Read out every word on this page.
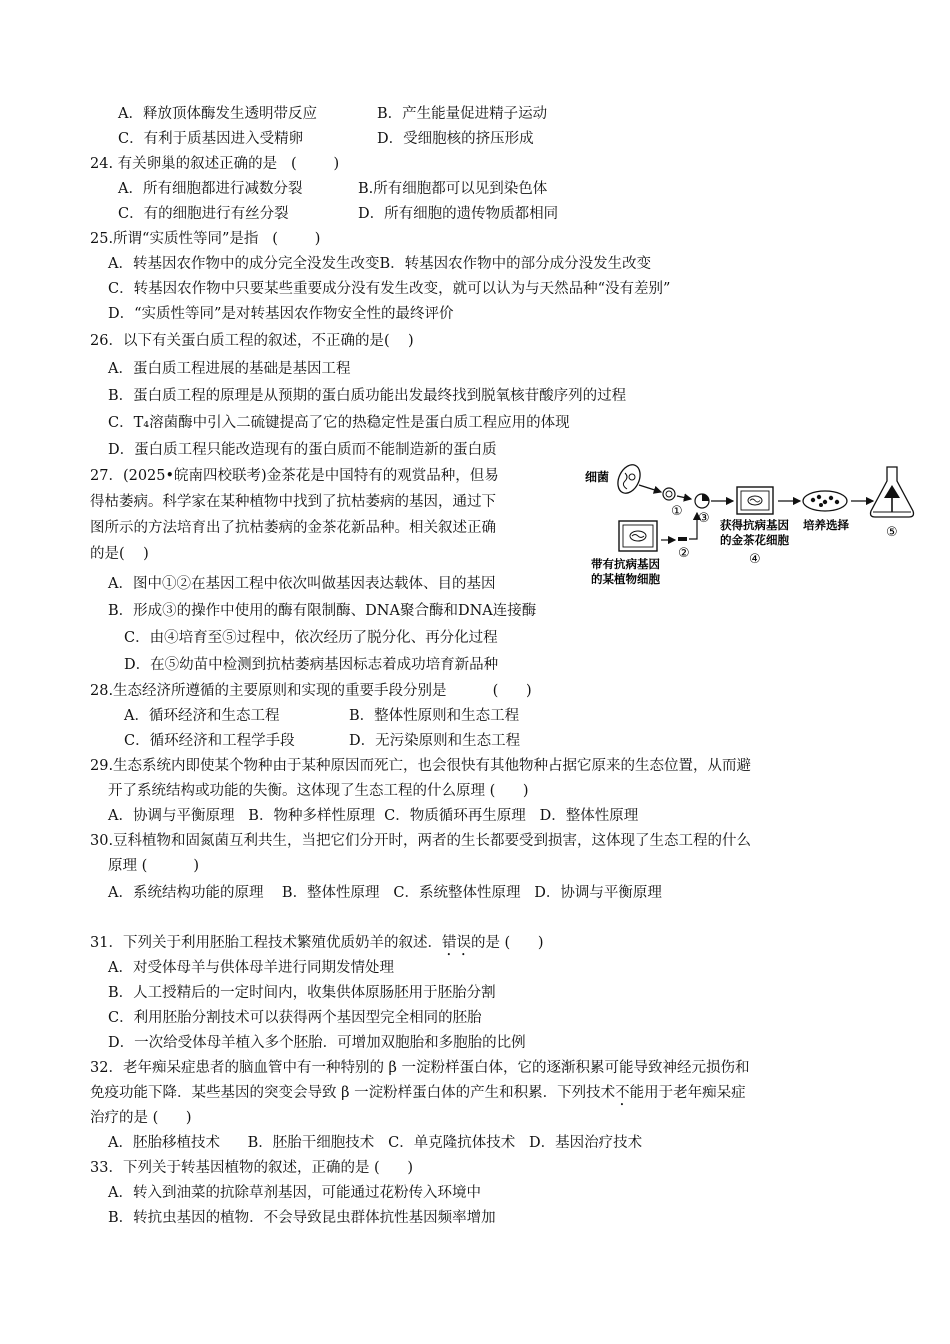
A．释放顶体酶发生透明带反应	B．产生能量促进精子运动
C．有利于质基因进入受精卵	D．受细胞核的挤压形成
24. 有关卵巢的叙述正确的是   (        )
A．所有细胞都进行减数分裂	B.所有细胞都可以见到染色体
C．有的细胞进行有丝分裂	D．所有细胞的遗传物质都相同
25.所谓“实质性等同”是指   (        )
A．转基因农作物中的成分完全没发生改变B．转基因农作物中的部分成分没发生改变
C．转基因农作物中只要某些重要成分没有发生改变，就可以认为与天然品种“没有差别”
D．“实质性等同”是对转基因农作物安全性的最终评价
26．以下有关蛋白质工程的叙述，不正确的是(    )
A．蛋白质工程进展的基础是基因工程
B．蛋白质工程的原理是从预期的蛋白质功能出发最终找到脱氧核苷酸序列的过程
C．T₄溶菌酶中引入二硫键提高了它的热稳定性是蛋白质工程应用的体现
D．蛋白质工程只能改造现有的蛋白质而不能制造新的蛋白质
27．(2025•皖南四校联考)金茶花是中国特有的观赏品种，但易
得枯萎病。科学家在某种植物中找到了抗枯萎病的基因，通过下
图所示的方法培育出了抗枯萎病的金茶花新品种。相关叙述正确
的是(    )
A．图中①②在基因工程中依次叫做基因表达载体、目的基因
B．形成③的操作中使用的酶有限制酶、DNA聚合酶和DNA连接酶
C．由④培育至⑤过程中，依次经历了脱分化、再分化过程
D．在⑤幼苗中检测到抗枯萎病基因标志着成功培育新品种
细菌
① ③
⑤
获得抗病基因
的金茶花细胞
④
培养选择
②
带有抗病基因
的某植物细胞
28.生态经济所遵循的主要原则和实现的重要手段分别是          (      )
A．循环经济和生态工程	B．整体性原则和生态工程
C．循环经济和工程学手段	D．无污染原则和生态工程
29.生态系统内即使某个物种由于某种原因而死亡，也会很快有其他物种占据它原来的生态位置，从而避
开了系统结构或功能的失衡。这体现了生态工程的什么原理 (      )
A．协调与平衡原理   B．物种多样性原理  C．物质循环再生原理   D．整体性原理
30.豆科植物和固氮菌互利共生，当把它们分开时，两者的生长都要受到损害，这体现了生态工程的什么
原理 (          )
A．系统结构功能的原理    B．整体性原理   C．系统整体性原理   D．协调与平衡原理
31．下列关于利用胚胎工程技术繁殖优质奶羊的叙述．错误的是 (      )
A．对受体母羊与供体母羊进行同期发情处理
B．人工授精后的一定时间内，收集供体原肠胚用于胚胎分割
C．利用胚胎分割技术可以获得两个基因型完全相同的胚胎
D．一次给受体母羊植入多个胚胎．可增加双胞胎和多胞胎的比例
32．老年痴呆症患者的脑血管中有一种特别的 β 一淀粉样蛋白体，它的逐渐积累可能导致神经元损伤和
免疫功能下降．某些基因的突变会导致 β 一淀粉样蛋白体的产生和积累．下列技术不能用于老年痴呆症
治疗的是 (      )
A．胚胎移植技术      B．胚胎干细胞技术   C．单克隆抗体技术   D．基因治疗技术
33．下列关于转基因植物的叙述，正确的是 (      )
A．转入到油菜的抗除草剂基因，可能通过花粉传入环境中
B．转抗虫基因的植物．不会导致昆虫群体抗性基因频率增加
